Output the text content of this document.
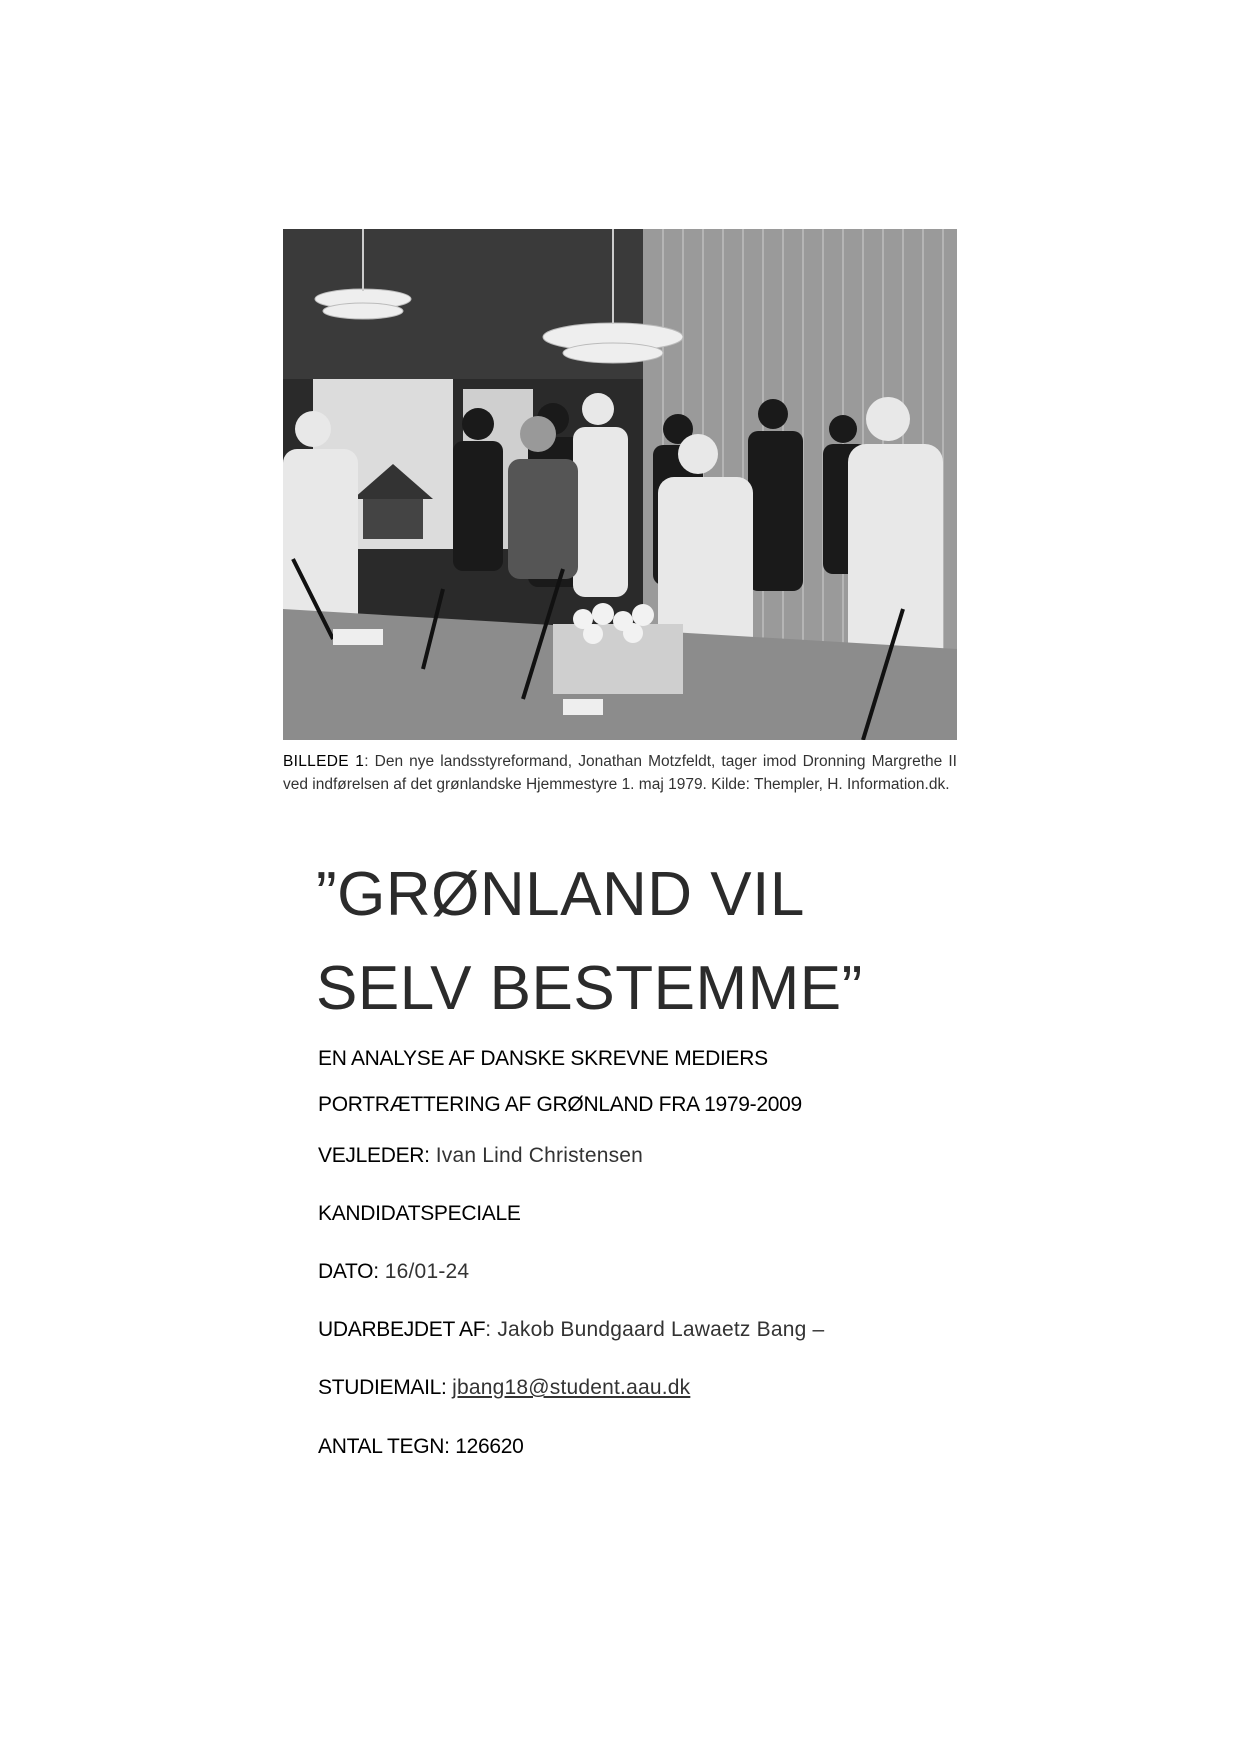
BILLEDE 1: Den nye landsstyreformand, Jonathan Motzfeldt, tager imod Dronning Margrethe II ved indførelsen af det grønlandske Hjemmestyre 1. maj 1979. Kilde: Thempler, H. Information.dk.
”GRØNLAND VIL
SELV BESTEMME”

EN ANALYSE AF DANSKE SKREVNE MEDIERS
PORTRÆTTERING AF GRØNLAND FRA 1979-2009

VEJLEDER: Ivan Lind Christensen
KANDIDATSPECIALE
DATO: 16/01-24
UDARBEJDET AF: Jakob Bundgaard Lawaetz Bang –
STUDIEMAIL: jbang18@student.aau.dk
ANTAL TEGN: 126620
